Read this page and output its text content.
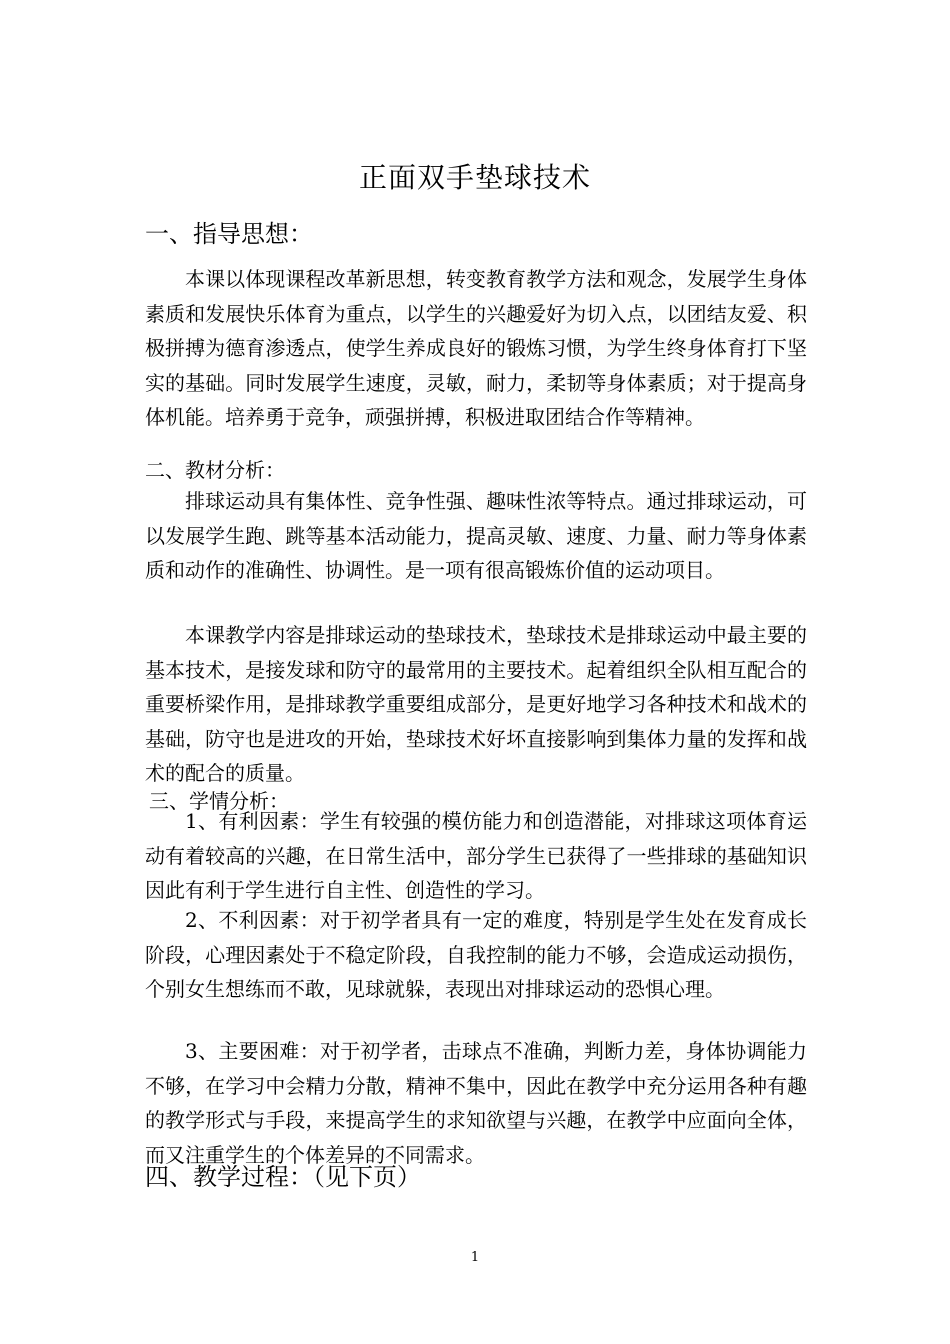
正面双手垫球技术
一、指导思想：

本课以体现课程改革新思想，转变教育教学方法和观念，发展学生身体素质和发展快乐体育为重点，以学生的兴趣爱好为切入点，以团结友爱、积极拼搏为德育渗透点，使学生养成良好的锻炼习惯，为学生终身体育打下坚实的基础。同时发展学生速度，灵敏，耐力，柔韧等身体素质；对于提高身体机能。培养勇于竞争，顽强拼搏，积极进取团结合作等精神。

二、教材分析：

排球运动具有集体性、竞争性强、趣味性浓等特点。通过排球运动，可以发展学生跑、跳等基本活动能力，提高灵敏、速度、力量、耐力等身体素质和动作的准确性、协调性。是一项有很高锻炼价值的运动项目。

本课教学内容是排球运动的垫球技术，垫球技术是排球运动中最主要的基本技术，是接发球和防守的最常用的主要技术。起着组织全队相互配合的重要桥梁作用，是排球教学重要组成部分，是更好地学习各种技术和战术的基础，防守也是进攻的开始，垫球技术好坏直接影响到集体力量的发挥和战术的配合的质量。

三、学情分析：

1、有利因素：学生有较强的模仿能力和创造潜能，对排球这项体育运动有着较高的兴趣，在日常生活中，部分学生已获得了一些排球的基础知识因此有利于学生进行自主性、创造性的学习。

2、不利因素：对于初学者具有一定的难度，特别是学生处在发育成长阶段，心理因素处于不稳定阶段，自我控制的能力不够，会造成运动损伤，个别女生想练而不敢，见球就躲，表现出对排球运动的恐惧心理。

3、主要困难：对于初学者，击球点不准确，判断力差，身体协调能力不够，在学习中会精力分散，精神不集中，因此在教学中充分运用各种有趣的教学形式与手段，来提高学生的求知欲望与兴趣，在教学中应面向全体，而又注重学生的个体差异的不同需求。

四、教学过程：（见下页）
1
